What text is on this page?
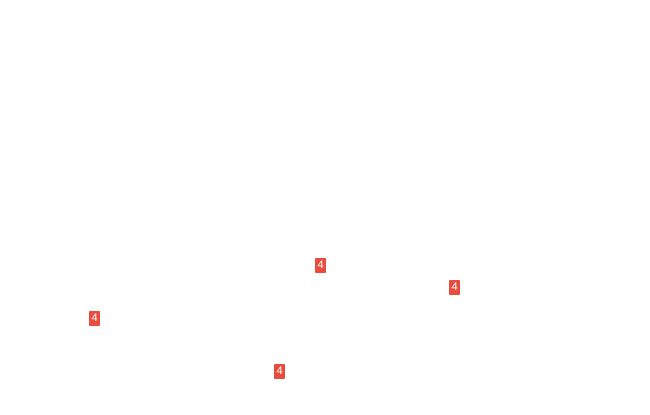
4
4
4
4
